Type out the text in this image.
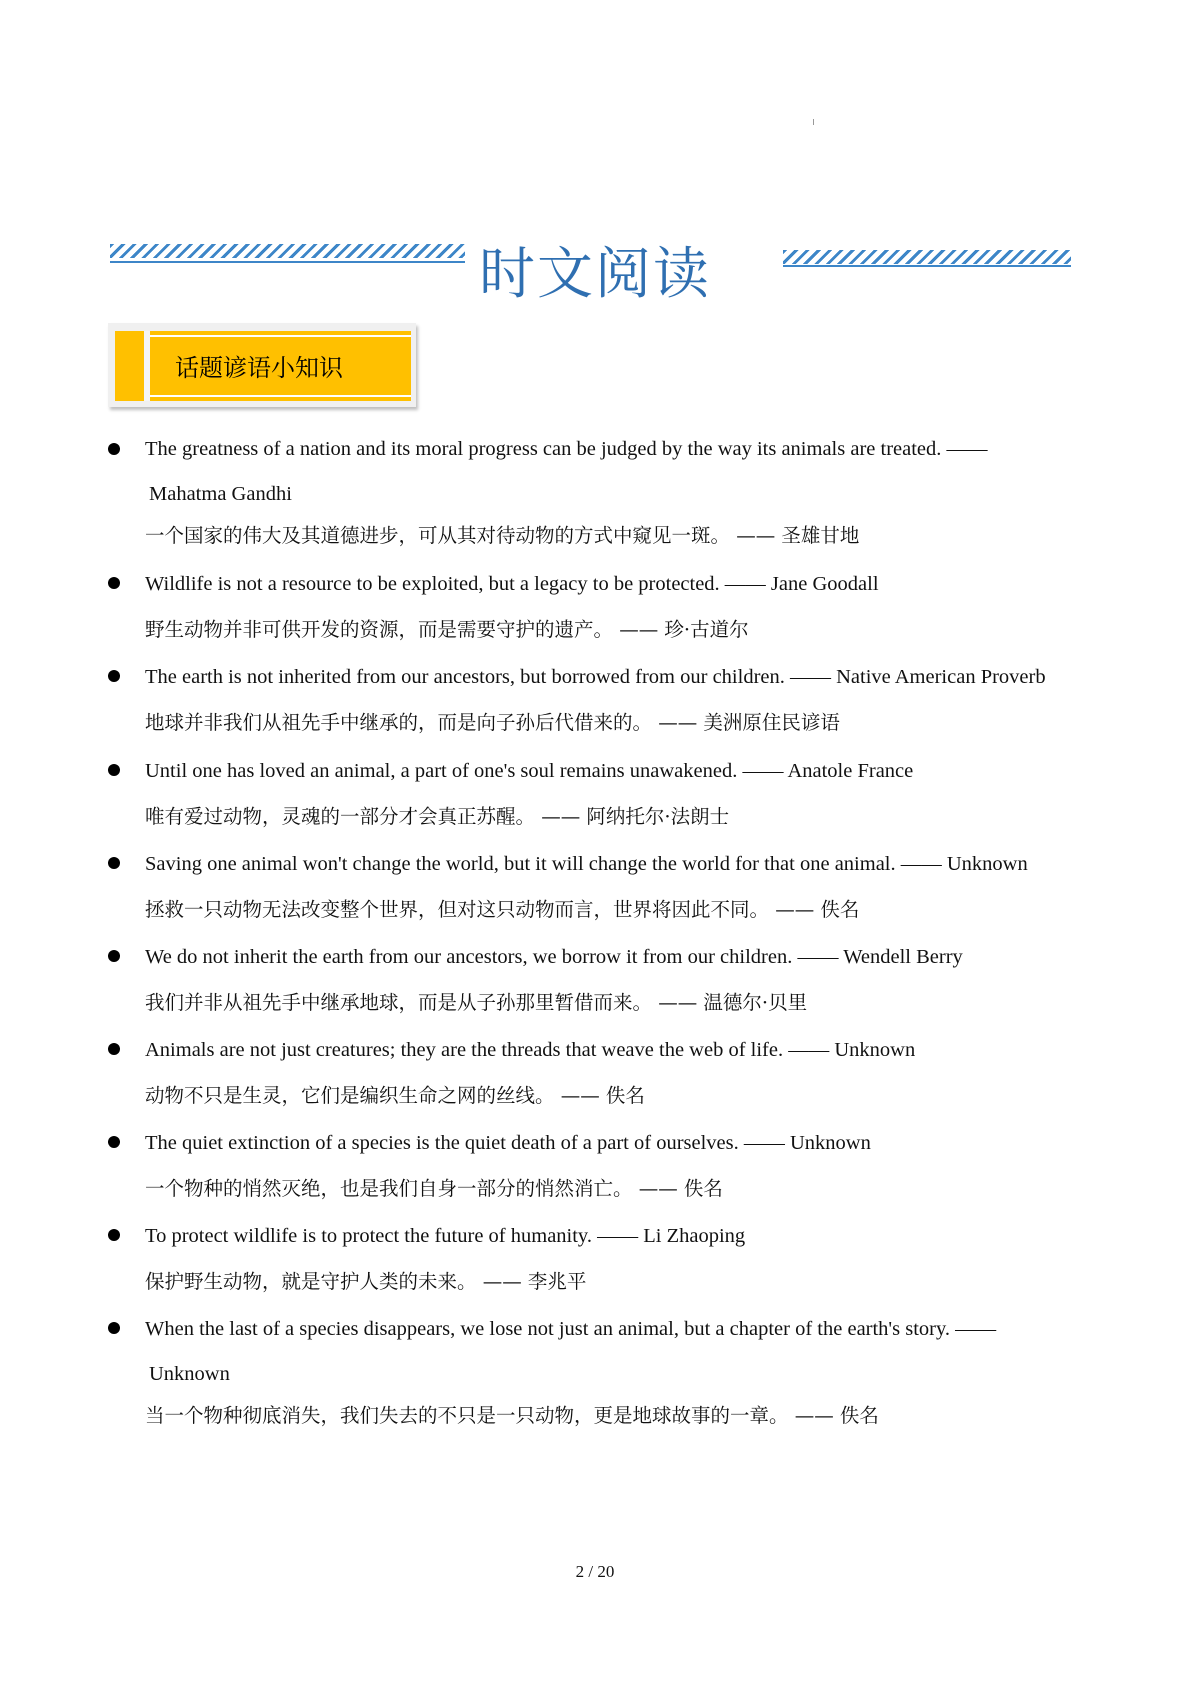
时文阅读
话题谚语小知识
The greatness of a nation and its moral progress can be judged by the way its animals are treated. ——
Mahatma Gandhi
一个国家的伟大及其道德进步，可从其对待动物的方式中窥见一斑。 —— 圣雄甘地
Wildlife is not a resource to be exploited, but a legacy to be protected. —— Jane Goodall
野生动物并非可供开发的资源，而是需要守护的遗产。 —— 珍·古道尔
The earth is not inherited from our ancestors, but borrowed from our children. —— Native American Proverb
地球并非我们从祖先手中继承的，而是向子孙后代借来的。 —— 美洲原住民谚语
Until one has loved an animal, a part of one's soul remains unawakened. —— Anatole France
唯有爱过动物，灵魂的一部分才会真正苏醒。 —— 阿纳托尔·法朗士
Saving one animal won't change the world, but it will change the world for that one animal. —— Unknown
拯救一只动物无法改变整个世界，但对这只动物而言，世界将因此不同。 —— 佚名
We do not inherit the earth from our ancestors, we borrow it from our children. —— Wendell Berry
我们并非从祖先手中继承地球，而是从子孙那里暂借而来。 —— 温德尔·贝里
Animals are not just creatures; they are the threads that weave the web of life. —— Unknown
动物不只是生灵，它们是编织生命之网的丝线。 —— 佚名
The quiet extinction of a species is the quiet death of a part of ourselves. —— Unknown
一个物种的悄然灭绝，也是我们自身一部分的悄然消亡。 —— 佚名
To protect wildlife is to protect the future of humanity. —— Li Zhaoping
保护野生动物，就是守护人类的未来。 —— 李兆平
When the last of a species disappears, we lose not just an animal, but a chapter of the earth's story. ——
Unknown
当一个物种彻底消失，我们失去的不只是一只动物，更是地球故事的一章。 —— 佚名
2 / 20
